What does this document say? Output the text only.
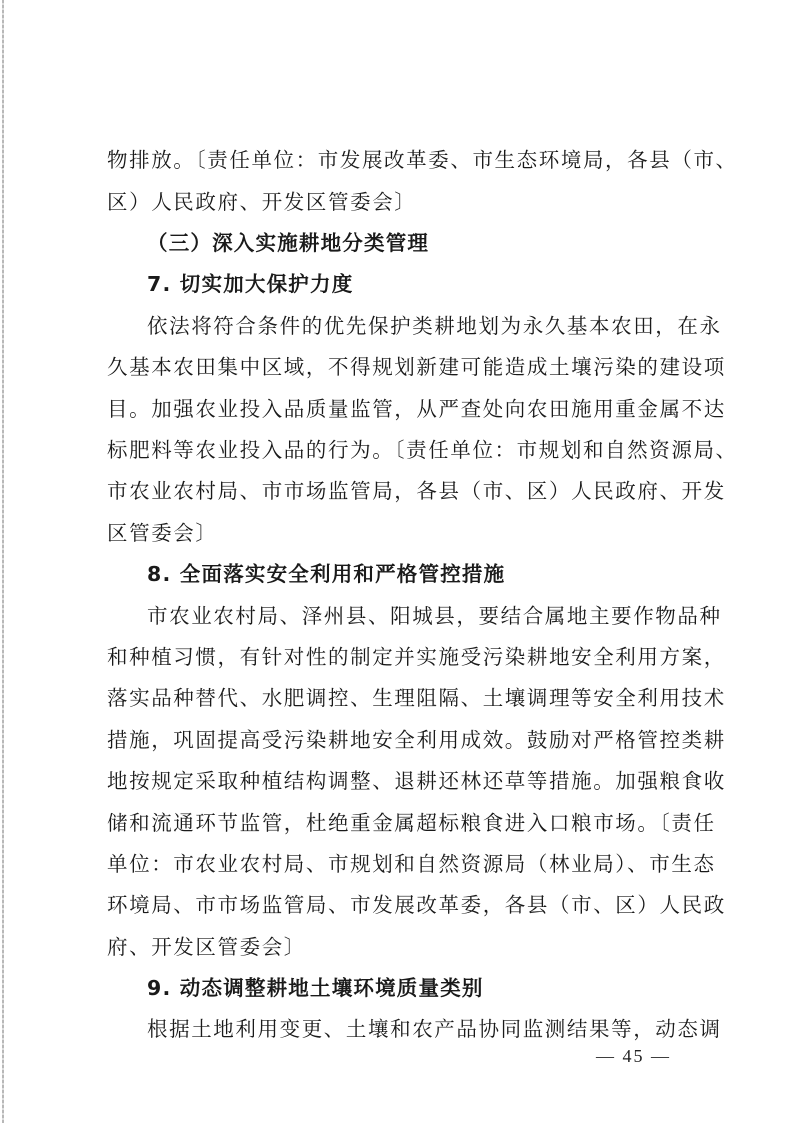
物排放。〔责任单位：市发展改革委、市生态环境局，各县（市、
区）人民政府、开发区管委会〕
（三）深入实施耕地分类管理
7. 切实加大保护力度
依法将符合条件的优先保护类耕地划为永久基本农田，在永
久基本农田集中区域，不得规划新建可能造成土壤污染的建设项
目。加强农业投入品质量监管，从严查处向农田施用重金属不达
标肥料等农业投入品的行为。〔责任单位：市规划和自然资源局、
市农业农村局、市市场监管局，各县（市、区）人民政府、开发
区管委会〕
8. 全面落实安全利用和严格管控措施
市农业农村局、泽州县、阳城县，要结合属地主要作物品种
和种植习惯，有针对性的制定并实施受污染耕地安全利用方案，
落实品种替代、水肥调控、生理阻隔、土壤调理等安全利用技术
措施，巩固提高受污染耕地安全利用成效。鼓励对严格管控类耕
地按规定采取种植结构调整、退耕还林还草等措施。加强粮食收
储和流通环节监管，杜绝重金属超标粮食进入口粮市场。〔责任
单位：市农业农村局、市规划和自然资源局（林业局）、市生态
环境局、市市场监管局、市发展改革委，各县（市、区）人民政
府、开发区管委会〕
9. 动态调整耕地土壤环境质量类别
根据土地利用变更、土壤和农产品协同监测结果等，动态调
— 45 —
